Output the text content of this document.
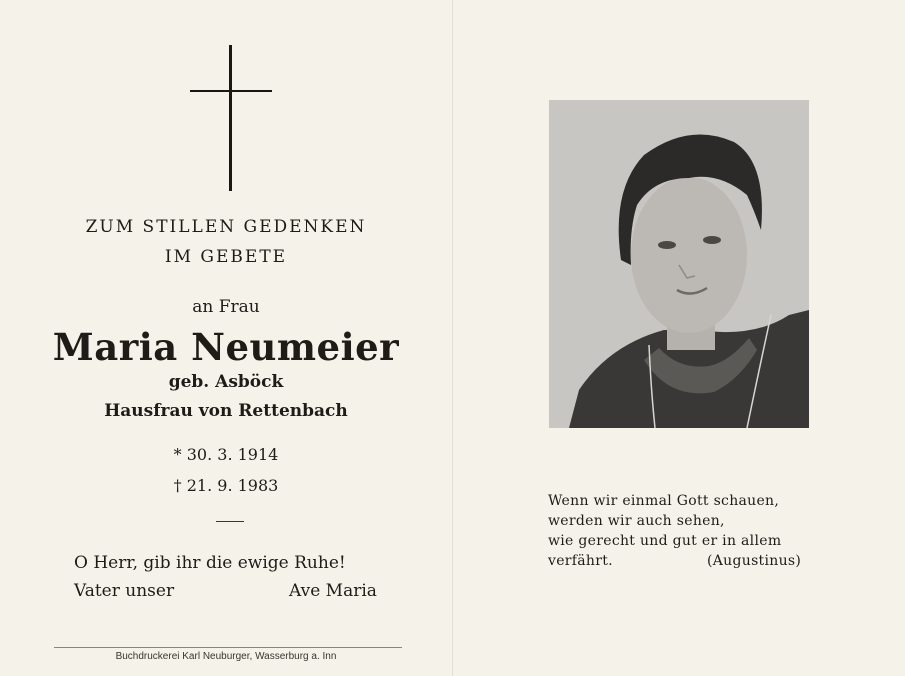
ZUM STILLEN GEDENKEN
IM GEBETE
an Frau
Maria Neumeier
geb. Asböck
Hausfrau von Rettenbach
* 30. 3. 1914
† 21. 9. 1983
O Herr, gib ihr die ewige Ruhe!
Vater unser	Ave Maria
Buchdruckerei Karl Neuburger, Wasserburg a. Inn
Wenn wir einmal Gott schauen,
werden wir auch sehen,
wie gerecht und gut er in allem
verfährt.	(Augustinus)
